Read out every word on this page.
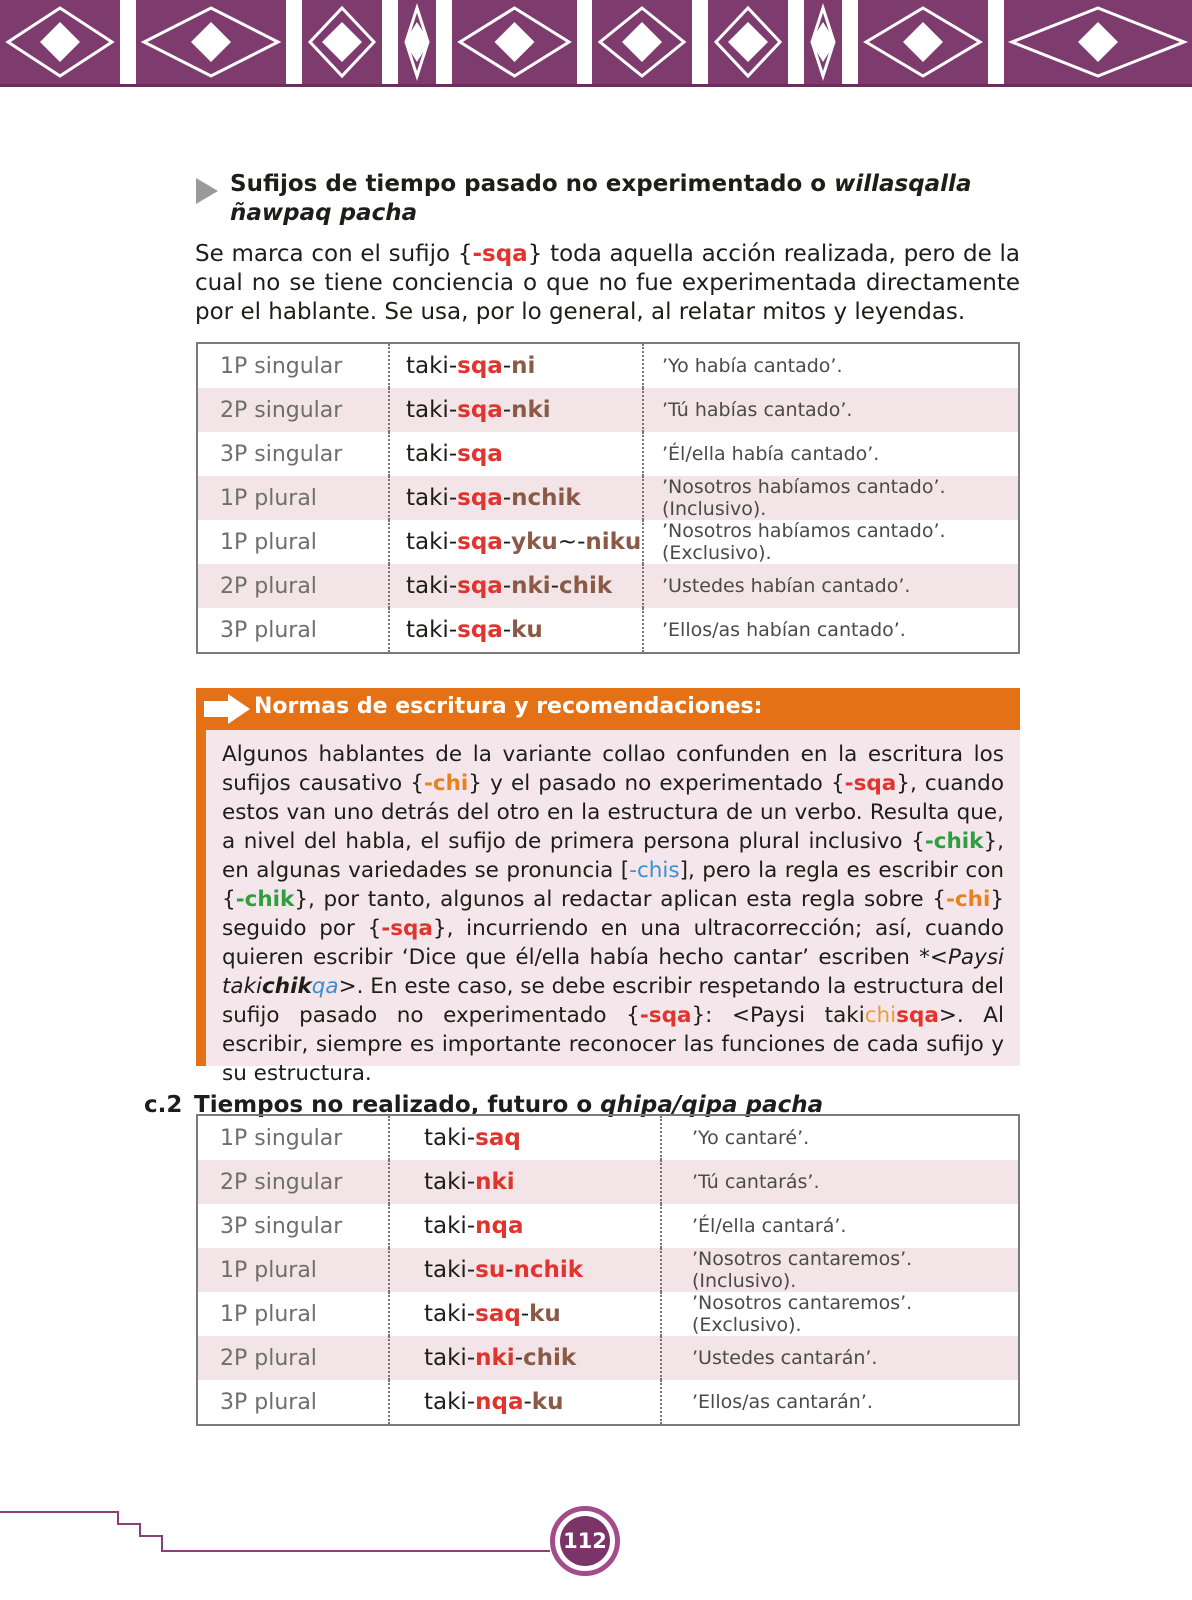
Sufijos de tiempo pasado no experimentado o willasqalla ñawpaq pacha
Se marca con el sufijo {-sqa} toda aquella acción realizada, pero de la cual no se tiene conciencia o que no fue experimentada directamente por el hablante. Se usa, por lo general, al relatar mitos y leyendas.
1P singular	taki-sqa-ni	’Yo había cantado’.
2P singular	taki-sqa-nki	’Tú habías cantado’.
3P singular	taki-sqa	’Él/ella había cantado’.
1P plural	taki-sqa-nchik	’Nosotros habíamos cantado’. (Inclusivo).
1P plural	taki-sqa-yku~-niku	’Nosotros habíamos cantado’. (Exclusivo).
2P plural	taki-sqa-nki-chik	’Ustedes habían cantado’.
3P plural	taki-sqa-ku	’Ellos/as habían cantado’.
Normas de escritura y recomendaciones:
Algunos hablantes de la variante collao confunden en la escritura los sufijos causativo {-chi} y el pasado no experimentado {-sqa}, cuando estos van uno detrás del otro en la estructura de un verbo. Resulta que, a nivel del habla, el sufijo de primera persona plural inclusivo {-chik}, en algunas variedades se pronuncia [-chis], pero la regla es escribir con {-chik}, por tanto, algunos al redactar aplican esta regla sobre {-chi} seguido por {-sqa}, incurriendo en una ultracorrección; así, cuando quieren escribir ‘Dice que él/ella había hecho cantar’ escriben *<Paysi takichikqa>. En este caso, se debe escribir respetando la estructura del sufijo pasado no experimentado {-sqa}: <Paysi takichisqa>. Al escribir, siempre es importante reconocer las funciones de cada sufijo y su estructura.
c.2 Tiempos no realizado, futuro o qhipa/qipa pacha
1P singular	taki-saq	’Yo cantaré’.
2P singular	taki-nki	’Tú cantarás’.
3P singular	taki-nqa	’Él/ella cantará’.
1P plural	taki-su-nchik	’Nosotros cantaremos’. (Inclusivo).
1P plural	taki-saq-ku	’Nosotros cantaremos’. (Exclusivo).
2P plural	taki-nki-chik	’Ustedes cantarán’.
3P plural	taki-nqa-ku	’Ellos/as cantarán’.
112
